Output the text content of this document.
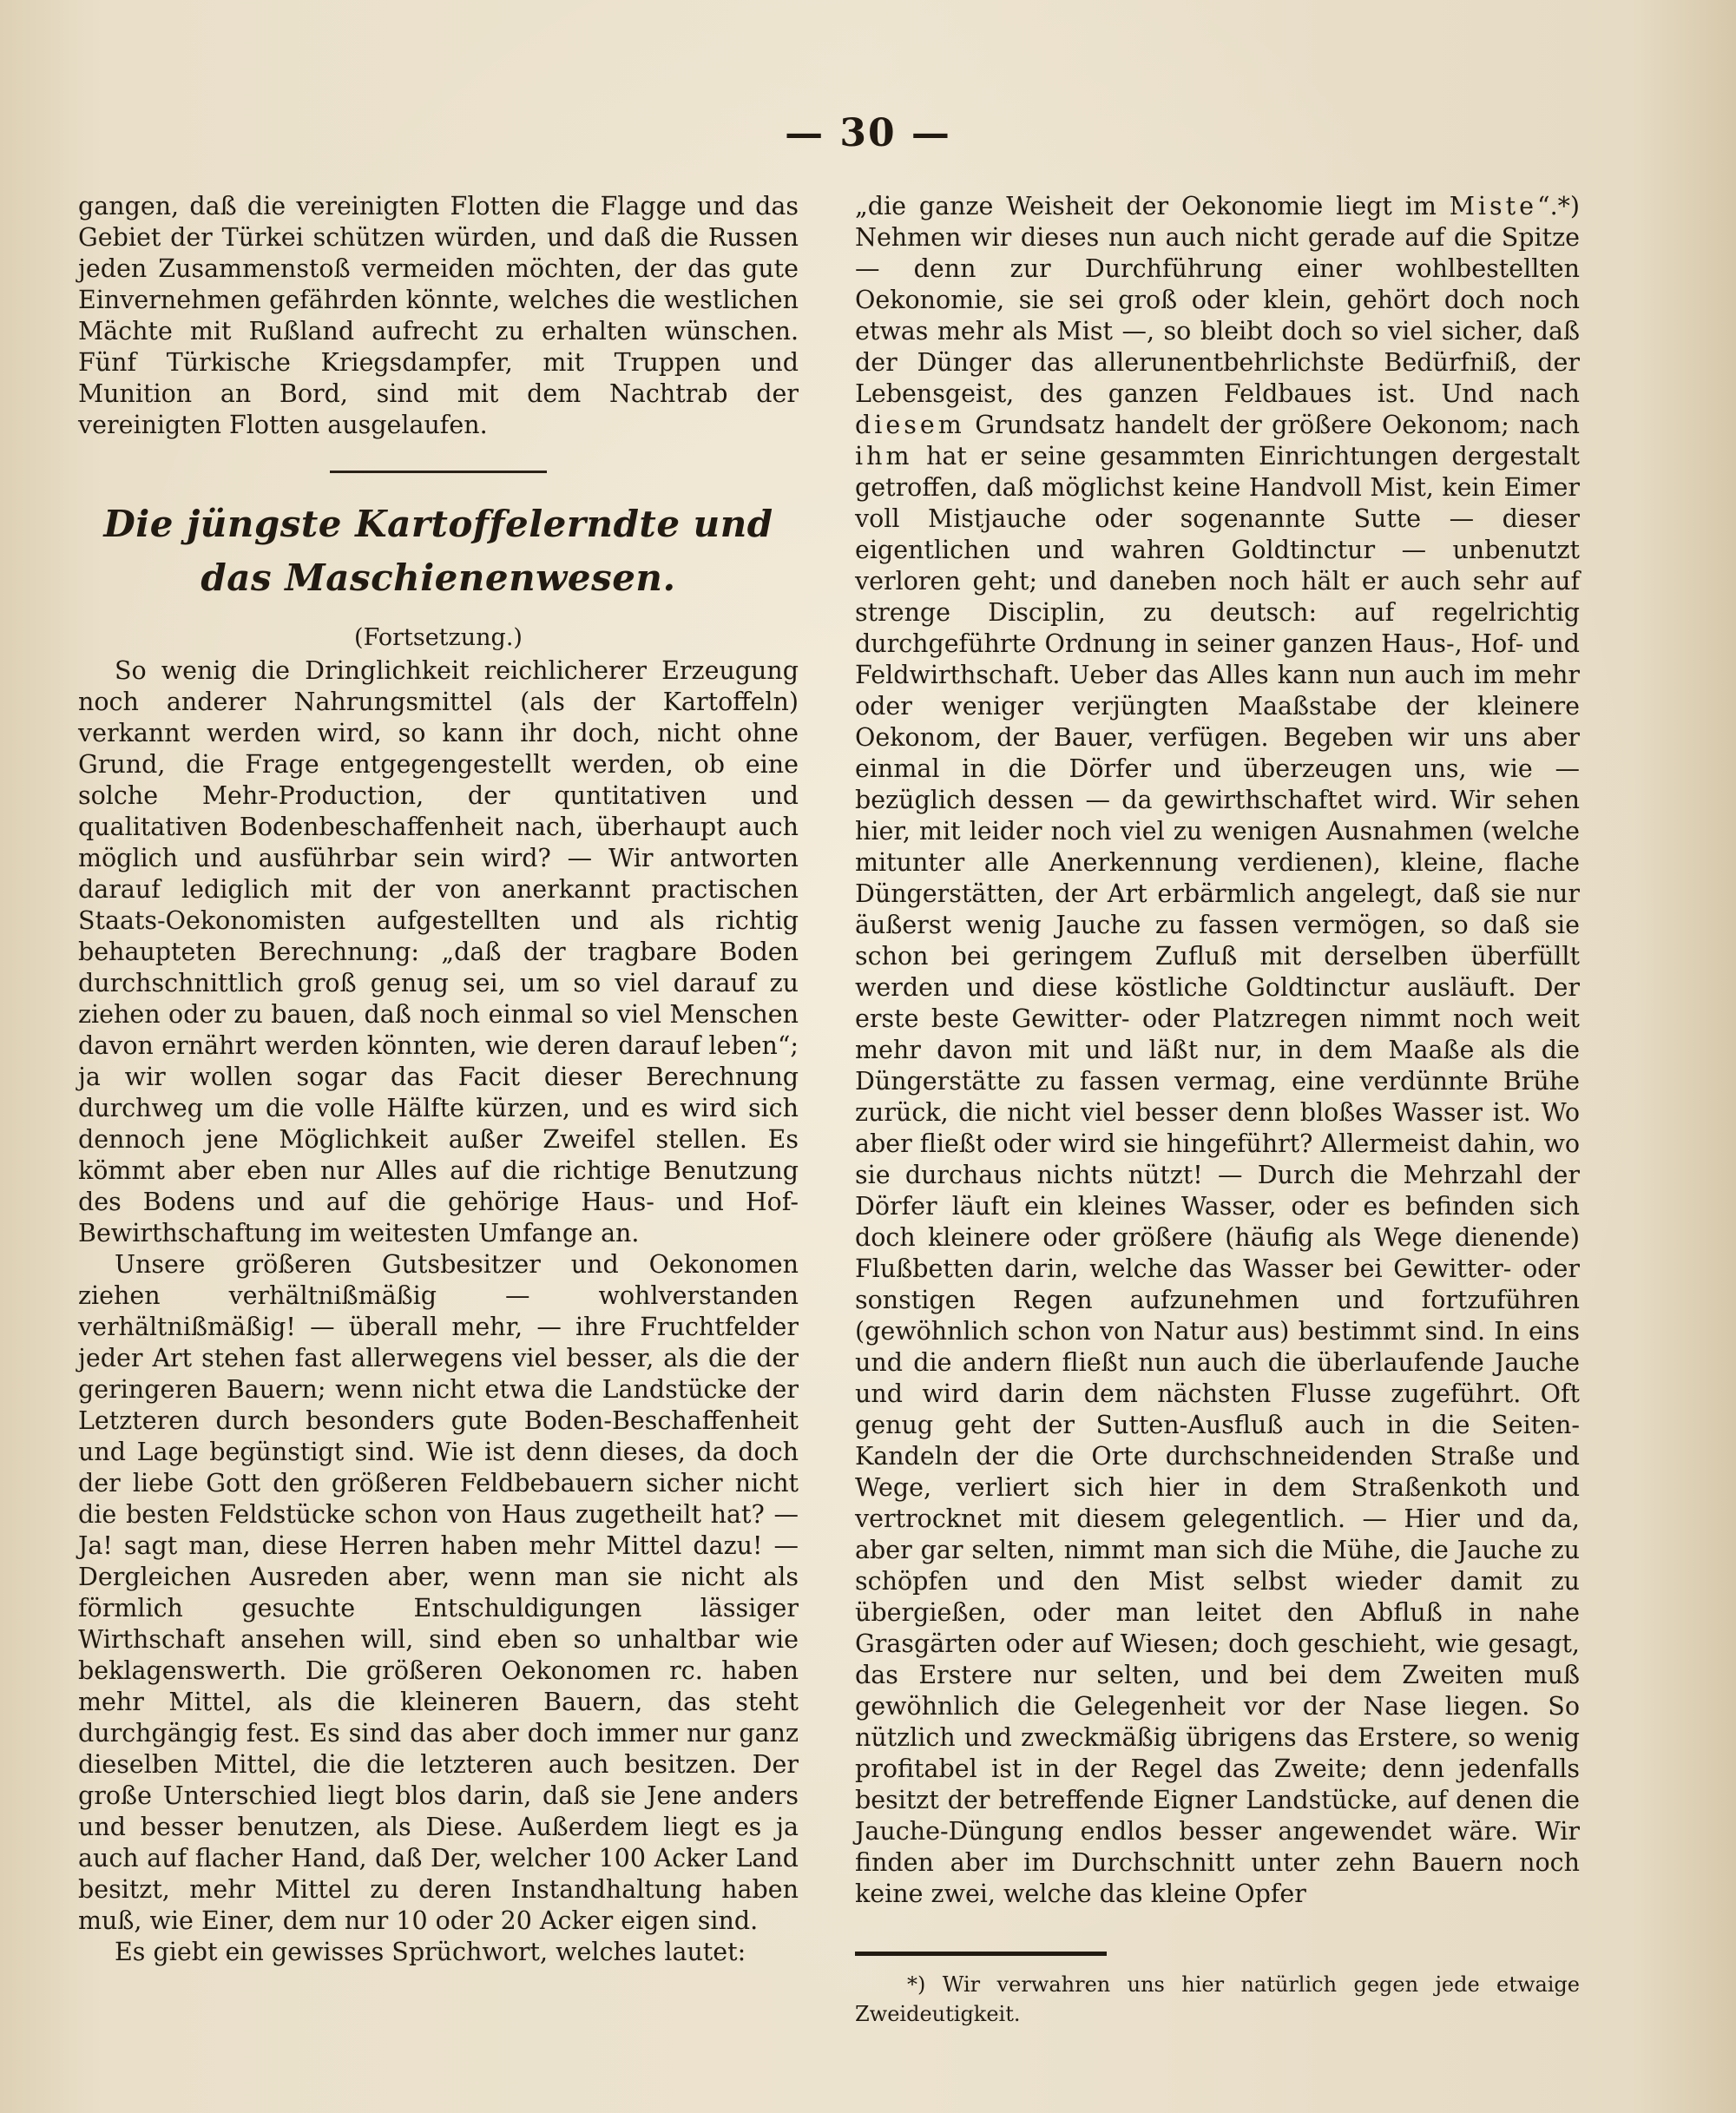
— 30 —

gangen, daß die vereinigten Flotten die Flagge und das Gebiet der Türkei schützen würden, und daß die Russen jeden Zusammenstoß vermeiden möchten, der das gute Einvernehmen gefährden könnte, welches die westlichen Mächte mit Rußland aufrecht zu erhalten wünschen. Fünf Türkische Kriegsdampfer, mit Truppen und Munition an Bord, sind mit dem Nachtrab der vereinigten Flotten ausgelaufen.

Die jüngste Kartoffelerndte und das Maschienenwesen.
(Fortsetzung.)

So wenig die Dringlichkeit reichlicherer Erzeugung noch anderer Nahrungsmittel (als der Kartoffeln) verkannt werden wird, so kann ihr doch, nicht ohne Grund, die Frage entgegengestellt werden, ob eine solche Mehr-Production, der quntitativen und qualitativen Bodenbeschaffenheit nach, überhaupt auch möglich und ausführbar sein wird? — Wir antworten darauf lediglich mit der von anerkannt practischen Staats-Oekonomisten aufgestellten und als richtig behaupteten Berechnung: „daß der tragbare Boden durchschnittlich groß genug sei, um so viel darauf zu ziehen oder zu bauen, daß noch einmal so viel Menschen davon ernährt werden könnten, wie deren darauf leben“; ja wir wollen sogar das Facit dieser Berechnung durchweg um die volle Hälfte kürzen, und es wird sich dennoch jene Möglichkeit außer Zweifel stellen. Es kömmt aber eben nur Alles auf die richtige Benutzung des Bodens und auf die gehörige Haus- und Hof-Bewirthschaftung im weitesten Umfange an.

Unsere größeren Gutsbesitzer und Oekonomen ziehen verhältnißmäßig — wohlverstanden verhältnißmäßig! — überall mehr, — ihre Fruchtfelder jeder Art stehen fast allerwegens viel besser, als die der geringeren Bauern; wenn nicht etwa die Landstücke der Letzteren durch besonders gute Boden-Beschaffenheit und Lage begünstigt sind. Wie ist denn dieses, da doch der liebe Gott den größeren Feldbebauern sicher nicht die besten Feldstücke schon von Haus zugetheilt hat? — Ja! sagt man, diese Herren haben mehr Mittel dazu! — Dergleichen Ausreden aber, wenn man sie nicht als förmlich gesuchte Entschuldigungen lässiger Wirthschaft ansehen will, sind eben so unhaltbar wie beklagenswerth. Die größeren Oekonomen rc. haben mehr Mittel, als die kleineren Bauern, das steht durchgängig fest. Es sind das aber doch immer nur ganz dieselben Mittel, die die letzteren auch besitzen. Der große Unterschied liegt blos darin, daß sie Jene anders und besser benutzen, als Diese. Außerdem liegt es ja auch auf flacher Hand, daß Der, welcher 100 Acker Land besitzt, mehr Mittel zu deren Instandhaltung haben muß, wie Einer, dem nur 10 oder 20 Acker eigen sind.

Es giebt ein gewisses Sprüchwort, welches lautet:

„die ganze Weisheit der Oekonomie liegt im Miste“.*) Nehmen wir dieses nun auch nicht gerade auf die Spitze — denn zur Durchführung einer wohlbestellten Oekonomie, sie sei groß oder klein, gehört doch noch etwas mehr als Mist —, so bleibt doch so viel sicher, daß der Dünger das allerunentbehrlichste Bedürfniß, der Lebensgeist, des ganzen Feldbaues ist. Und nach diesem Grundsatz handelt der größere Oekonom; nach ihm hat er seine gesammten Einrichtungen dergestalt getroffen, daß möglichst keine Handvoll Mist, kein Eimer voll Mistjauche oder sogenannte Sutte — dieser eigentlichen und wahren Goldtinctur — unbenutzt verloren geht; und daneben noch hält er auch sehr auf strenge Disciplin, zu deutsch: auf regelrichtig durchgeführte Ordnung in seiner ganzen Haus-, Hof- und Feldwirthschaft. Ueber das Alles kann nun auch im mehr oder weniger verjüngten Maaßstabe der kleinere Oekonom, der Bauer, verfügen. Begeben wir uns aber einmal in die Dörfer und überzeugen uns, wie — bezüglich dessen — da gewirthschaftet wird. Wir sehen hier, mit leider noch viel zu wenigen Ausnahmen (welche mitunter alle Anerkennung verdienen), kleine, flache Düngerstätten, der Art erbärmlich angelegt, daß sie nur äußerst wenig Jauche zu fassen vermögen, so daß sie schon bei geringem Zufluß mit derselben überfüllt werden und diese köstliche Goldtinctur ausläuft. Der erste beste Gewitter- oder Platzregen nimmt noch weit mehr davon mit und läßt nur, in dem Maaße als die Düngerstätte zu fassen vermag, eine verdünnte Brühe zurück, die nicht viel besser denn bloßes Wasser ist. Wo aber fließt oder wird sie hingeführt? Allermeist dahin, wo sie durchaus nichts nützt! — Durch die Mehrzahl der Dörfer läuft ein kleines Wasser, oder es befinden sich doch kleinere oder größere (häufig als Wege dienende) Flußbetten darin, welche das Wasser bei Gewitter- oder sonstigen Regen aufzunehmen und fortzuführen (gewöhnlich schon von Natur aus) bestimmt sind. In eins und die andern fließt nun auch die überlaufende Jauche und wird darin dem nächsten Flusse zugeführt. Oft genug geht der Sutten-Ausfluß auch in die Seiten-Kandeln der die Orte durchschneidenden Straße und Wege, verliert sich hier in dem Straßenkoth und vertrocknet mit diesem gelegentlich. — Hier und da, aber gar selten, nimmt man sich die Mühe, die Jauche zu schöpfen und den Mist selbst wieder damit zu übergießen, oder man leitet den Abfluß in nahe Grasgärten oder auf Wiesen; doch geschieht, wie gesagt, das Erstere nur selten, und bei dem Zweiten muß gewöhnlich die Gelegenheit vor der Nase liegen. So nützlich und zweckmäßig übrigens das Erstere, so wenig profitabel ist in der Regel das Zweite; denn jedenfalls besitzt der betreffende Eigner Landstücke, auf denen die Jauche-Düngung endlos besser angewendet wäre. Wir finden aber im Durchschnitt unter zehn Bauern noch keine zwei, welche das kleine Opfer

*) Wir verwahren uns hier natürlich gegen jede etwaige Zweideutigkeit.
